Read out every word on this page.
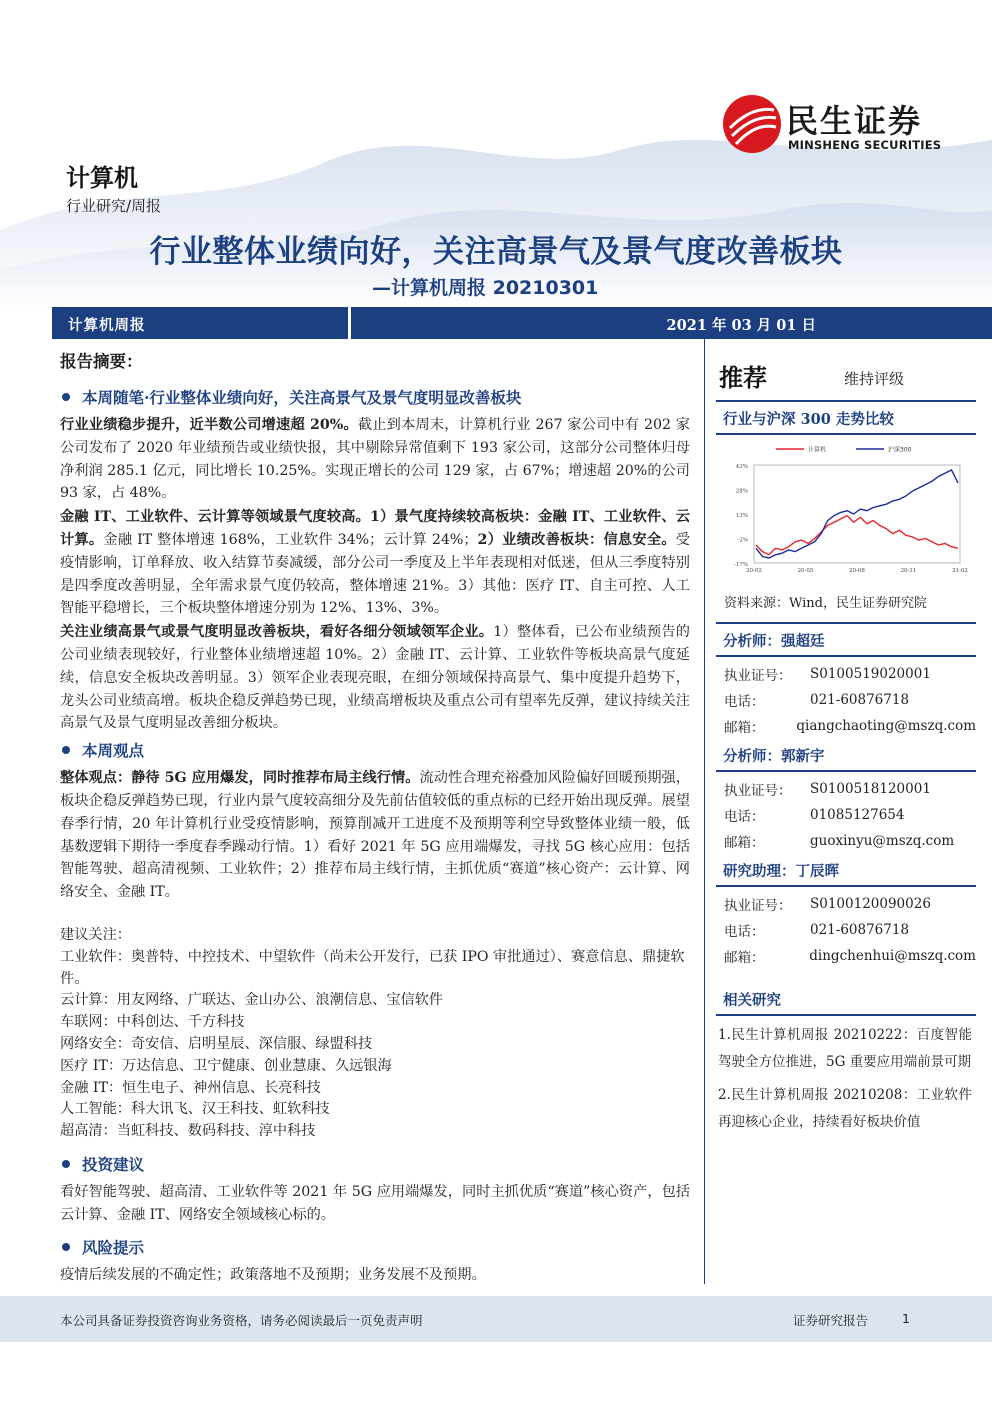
民生证券
MINSHENG SECURITIES
计算机
行业研究/周报
行业整体业绩向好，关注高景气及景气度改善板块
—计算机周报 20210301
计算机周报	2021 年 03 月 01 日
报告摘要：
本周随笔·行业整体业绩向好，关注高景气及景气度明显改善板块

行业业绩稳步提升，近半数公司增速超 20%。截止到本周末，计算机行业 267 家公司中有 202 家公司发布了 2020 年业绩预告或业绩快报，其中剔除异常值剩下 193 家公司，这部分公司整体归母净利润 285.1 亿元，同比增长 10.25%。实现正增长的公司 129 家，占 67%；增速超 20%的公司 93 家，占 48%。

金融 IT、工业软件、云计算等领域景气度较高。1）景气度持续较高板块：金融 IT、工业软件、云计算。金融 IT 整体增速 168%，工业软件 34%；云计算 24%；2）业绩改善板块：信息安全。受疫情影响，订单释放、收入结算节奏减缓，部分公司一季度及上半年表现相对低迷，但从三季度特别是四季度改善明显，全年需求景气度仍较高，整体增速 21%。3）其他：医疗 IT、自主可控、人工智能平稳增长，三个板块整体增速分别为 12%、13%、3%。

关注业绩高景气或景气度明显改善板块，看好各细分领域领军企业。1）整体看，已公布业绩预告的公司业绩表现较好，行业整体业绩增速超 10%。2）金融 IT、云计算、工业软件等板块高景气度延续，信息安全板块改善明显。3）领军企业表现亮眼，在细分领域保持高景气、集中度提升趋势下，龙头公司业绩高增。板块企稳反弹趋势已现，业绩高增板块及重点公司有望率先反弹，建议持续关注高景气及景气度明显改善细分板块。

本周观点

整体观点：静待 5G 应用爆发，同时推荐布局主线行情。流动性合理充裕叠加风险偏好回暖预期强，板块企稳反弹趋势已现，行业内景气度较高细分及先前估值较低的重点标的已经开始出现反弹。展望春季行情，20 年计算机行业受疫情影响，预算削减开工进度不及预期等利空导致整体业绩一般，低基数逻辑下期待一季度春季躁动行情。1）看好 2021 年 5G 应用端爆发，寻找 5G 核心应用：包括智能驾驶、超高清视频、工业软件；2）推荐布局主线行情，主抓优质“赛道”核心资产：云计算、网络安全、金融 IT。

建议关注：
工业软件：奥普特、中控技术、中望软件（尚未公开发行，已获 IPO 审批通过）、赛意信息、鼎捷软件。
云计算：用友网络、广联达、金山办公、浪潮信息、宝信软件
车联网：中科创达、千方科技
网络安全：奇安信、启明星辰、深信服、绿盟科技
医疗 IT：万达信息、卫宁健康、创业慧康、久远银海
金融 IT：恒生电子、神州信息、长亮科技
人工智能：科大讯飞、汉王科技、虹软科技
超高清：当虹科技、数码科技、淳中科技
投资建议

看好智能驾驶、超高清、工业软件等 2021 年 5G 应用端爆发，同时主抓优质“赛道”核心资产，包括云计算、金融 IT、网络安全领域核心标的。

风险提示

疫情后续发展的不确定性；政策落地不及预期；业务发展不及预期。

推荐	维持评级
行业与沪深 300 走势比较
43%
28%
13%
-2%
-17%
20-02	20-05	20-08	20-11	21-02
计算机	沪深300
资料来源：Wind，民生证券研究院
分析师：强超廷
执业证号：	S0100519020001
电话：	021-60876718
邮箱：	qiangchaoting@mszq.com
分析师：郭新宇
执业证号：	S0100518120001
电话：	01085127654
邮箱：	guoxinyu@mszq.com
研究助理：丁辰晖
执业证号：	S0100120090026
电话：	021-60876718
邮箱：	dingchenhui@mszq.com
相关研究
1.民生计算机周报 20210222：百度智能驾驶全方位推进，5G 重要应用端前景可期
2.民生计算机周报 20210208：工业软件再迎核心企业，持续看好板块价值
本公司具备证券投资咨询业务资格，请务必阅读最后一页免责声明	证券研究报告	1
